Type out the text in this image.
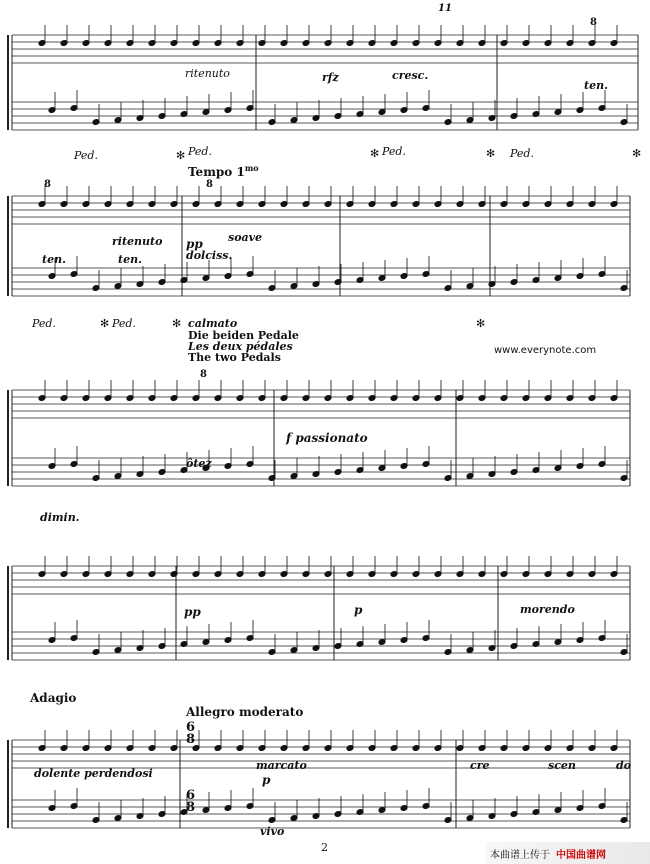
ritenuto	rfz	cresc.
11
8
ten.
Ped.	✻ Ped.	✻ Ped.	✻ Ped.	✻
Tempo $1^{mo}$
8	8
soave
ritenuto
ten.	ten.
pp
dolciss.
Ped.	✻ Ped.	✻	✻
calmato
Die beiden Pedale
Les deux pédales
The two Pedals
www.everynote.com
8
ôtez
f passionato
dimin.
pp	p	morendo
Adagio
Allegro moderato
dolente perdendosi
marcato
p
vivo
cre	scen	do
6
8
6
8
2
本曲谱上传于 中国曲谱网
